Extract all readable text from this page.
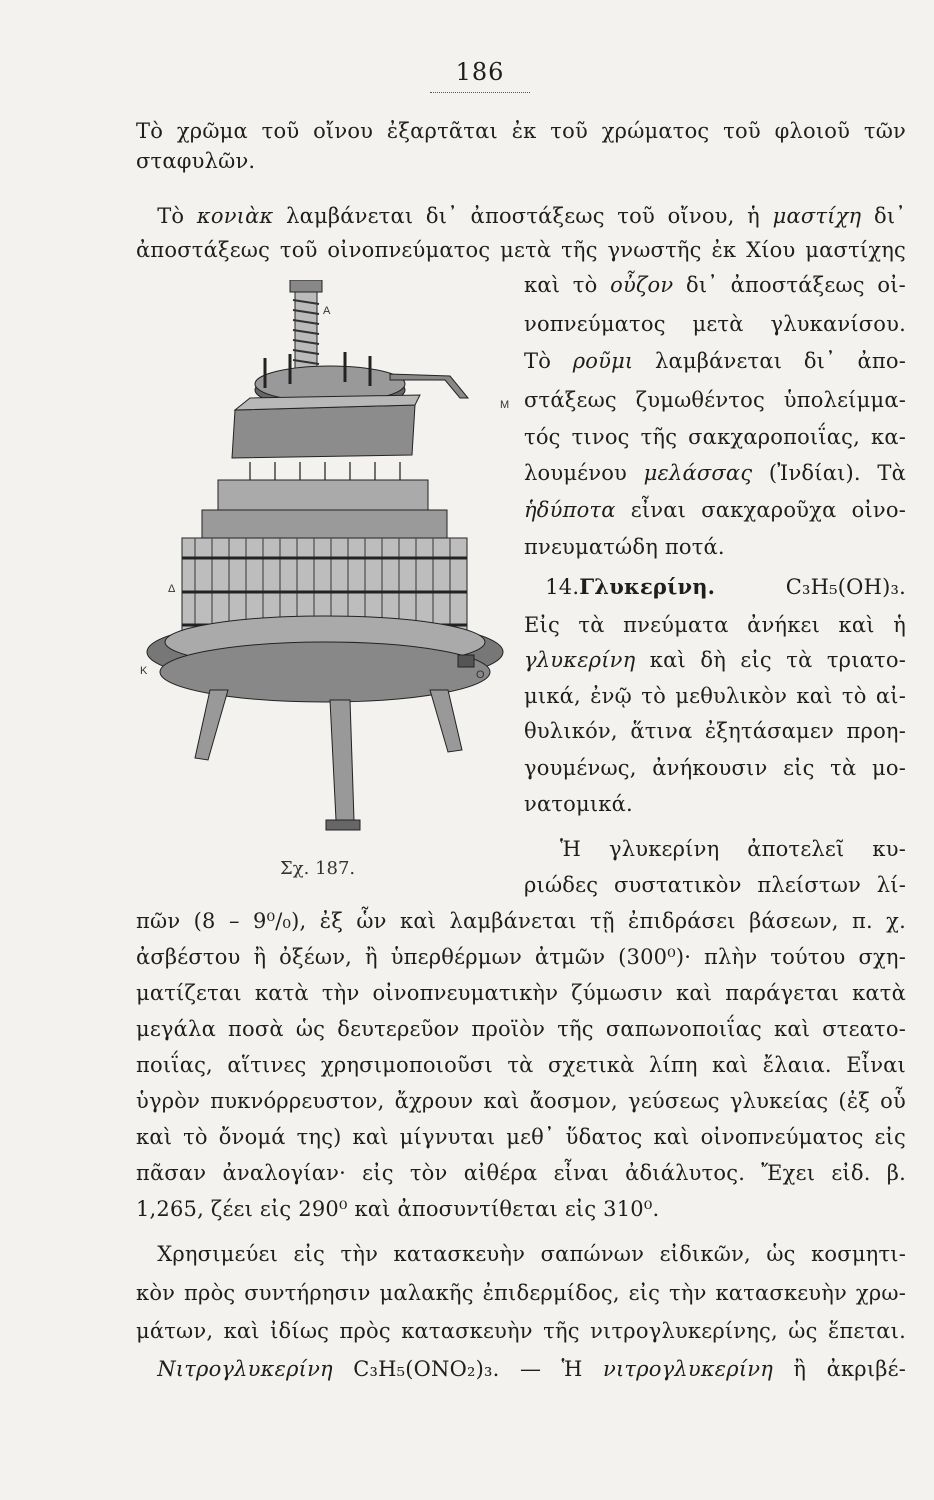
186
Τὸ χρῶμα τοῦ οἴνου ἐξαρτᾶται ἐκ τοῦ χρώματος τοῦ φλοιοῦ τῶν
σταφυλῶν.
 Τὸ κονιὰκ λαμβάνεται δι᾽ ἀποστάξεως τοῦ οἴνου, ἡ μαστίχη δι᾽
ἀποστάξεως τοῦ οἰνοπνεύματος μετὰ τῆς γνωστῆς ἐκ Χίου μαστίχης
καὶ τὸ οὖζον δι᾽ ἀποστάξεως οἰ-
νοπνεύματος μετὰ γλυκανίσου.
Τὸ ροῦμι λαμβάνεται δι᾽ ἀπο-
στάξεως ζυμωθέντος ὑπολείμμα-
τός τινος τῆς σακχαροποιΐας, κα-
λουμένου μελάσσας (Ἰνδίαι). Τὰ
ἡδύποτα εἶναι σακχαροῦχα οἰνο-
πνευματώδη ποτά.
 14.Γλυκερίνη.	C₃H₅(OH)₃.
Εἰς τὰ πνεύματα ἀνήκει καὶ ἡ
γλυκερίνη καὶ δὴ εἰς τὰ τριατο-
μικά, ἐνῷ τὸ μεθυλικὸν καὶ τὸ αἰ-
θυλικόν, ἅτινα ἐξητάσαμεν προη-
γουμένως, ἀνήκουσιν εἰς τὰ μο-
νατομικά.
Ἡ γλυκερίνη ἀποτελεῖ κυ-
ριώδες συστατικὸν πλείστων λί-
πῶν (8 – 9⁰/₀), ἐξ ὧν καὶ λαμβάνεται τῇ ἐπιδράσει βάσεων, π. χ.
ἀσβέστου ἢ ὀξέων, ἢ ὑπερθέρμων ἀτμῶν (300⁰)· πλὴν τούτου σχη-
ματίζεται κατὰ τὴν οἰνοπνευματικὴν ζύμωσιν καὶ παράγεται κατὰ
μεγάλα ποσὰ ὡς δευτερεῦον προϊὸν τῆς σαπωνοποιΐας καὶ στεατο-
ποιΐας, αἵτινες χρησιμοποιοῦσι τὰ σχετικὰ λίπη καὶ ἔλαια. Εἶναι
ὑγρὸν πυκνόρρευστον, ἄχρουν καὶ ἄοσμον, γεύσεως γλυκείας (ἐξ οὗ
καὶ τὸ ὄνομά της) καὶ μίγνυται μεθ᾽ ὕδατος καὶ οἰνοπνεύματος εἰς
πᾶσαν ἀναλογίαν· εἰς τὸν αἰθέρα εἶναι ἀδιάλυτος. Ἔχει εἰδ. β.
1,265, ζέει εἰς 290⁰ καὶ ἀποσυντίθεται εἰς 310⁰.
 Χρησιμεύει εἰς τὴν κατασκευὴν σαπώνων εἰδικῶν, ὡς κοσμητι-
κὸν πρὸς συντήρησιν μαλακῆς ἐπιδερμίδος, εἰς τὴν κατασκευὴν χρω-
μάτων, καὶ ἰδίως πρὸς κατασκευὴν τῆς νιτρογλυκερίνης, ὡς ἕπεται.
 Νιτρογλυκερίνη C₃H₅(ONO₂)₃. — Ἡ νιτρογλυκερίνη ἢ ἀκριβέ-
Α
Μ
Δ
Κ	Ο
Σχ. 187.
